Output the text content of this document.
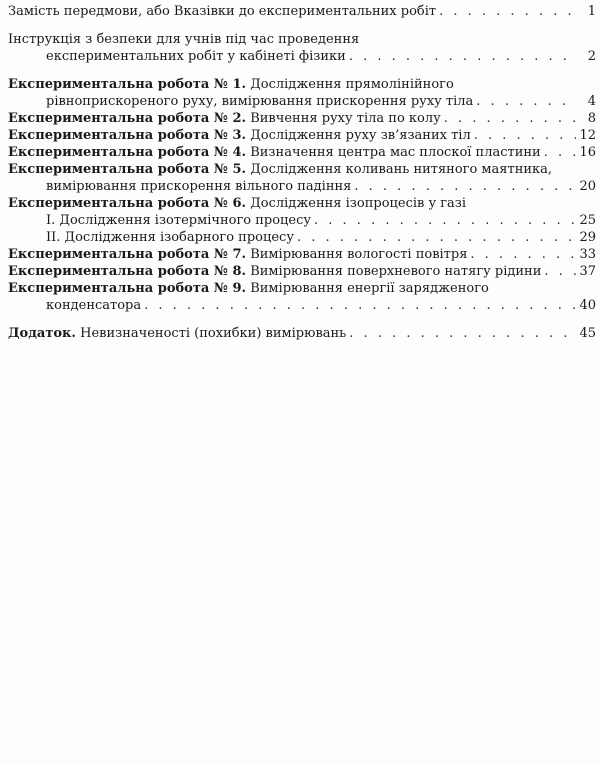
Замість передмови, або Вказівки до експериментальних робіт . . .	1
Інструкція з безпеки для учнів під час проведення
експериментальних робіт у кабінеті фізики . . .	2
Експериментальна робота № 1. Дослідження прямолінійного
рівноприскореного руху, вимірювання прискорення руху тіла . . .	4
Експериментальна робота № 2. Вивчення руху тіла по колу . . .	8
Експериментальна робота № 3. Дослідження руху зв’язаних тіл . . .	12
Експериментальна робота № 4. Визначення центра мас плоскої пластини . . .	16
Експериментальна робота № 5. Дослідження коливань нитяного маятника,
вимірювання прискорення вільного падіння . . .	20
Експериментальна робота № 6. Дослідження ізопроцесів у газі
І. Дослідження ізотермічного процесу . . .	25
ІІ. Дослідження ізобарного процесу . . .	29
Експериментальна робота № 7. Вимірювання вологості повітря . . .	33
Експериментальна робота № 8. Вимірювання поверхневого натягу рідини . . .	37
Експериментальна робота № 9. Вимірювання енергії зарядженого
конденсатора . . .	40
Додаток. Невизначеності (похибки) вимірювань . . .	45
